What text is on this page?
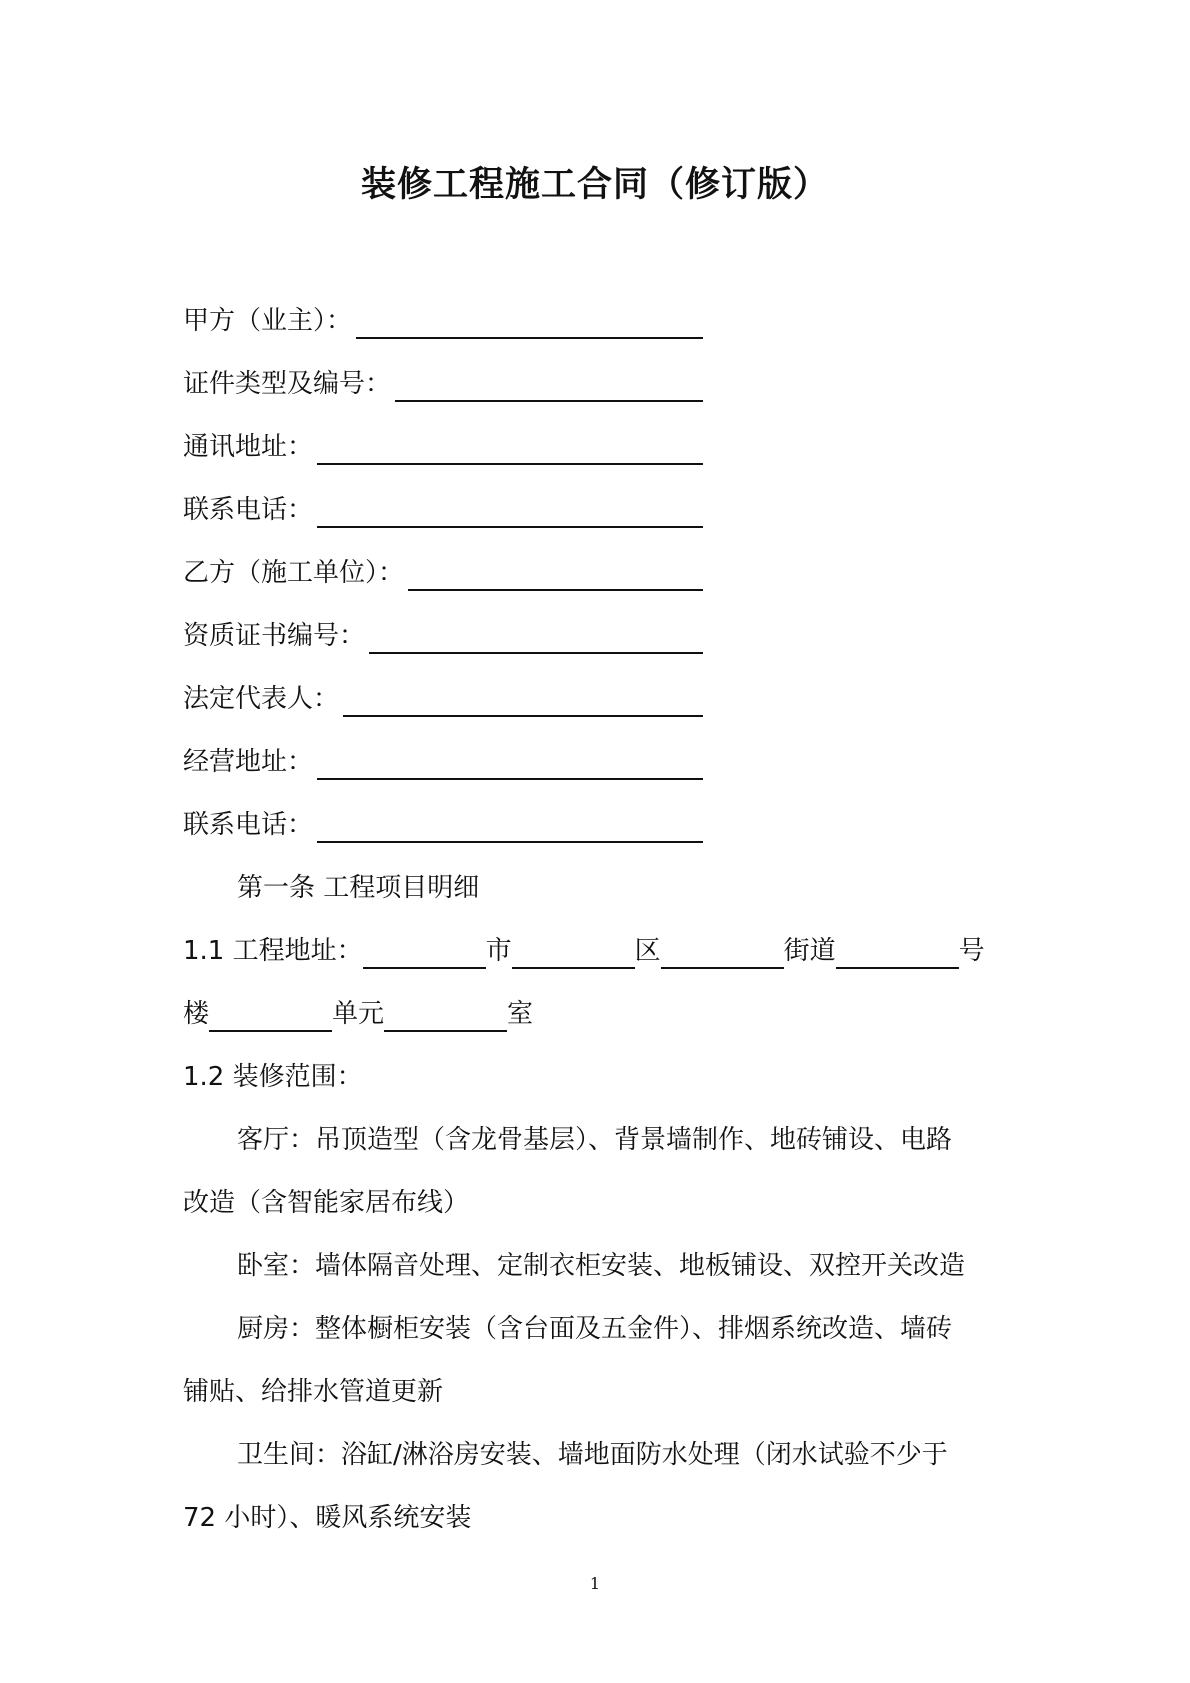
装修工程施工合同（修订版）
甲方（业主）：
证件类型及编号：
通讯地址：
联系电话：
乙方（施工单位）：
资质证书编号：
法定代表人：
经营地址：
联系电话：
第一条 工程项目明细
1.1 工程地址：	市	区	街道	号
楼	单元	室
1.2 装修范围：
客厅：吊顶造型（含龙骨基层）、背景墙制作、地砖铺设、电路
改造（含智能家居布线）
卧室：墙体隔音处理、定制衣柜安装、地板铺设、双控开关改造
厨房：整体橱柜安装（含台面及五金件）、排烟系统改造、墙砖
铺贴、给排水管道更新
卫生间：浴缸/淋浴房安装、墙地面防水处理（闭水试验不少于
72 小时）、暖风系统安装
1
